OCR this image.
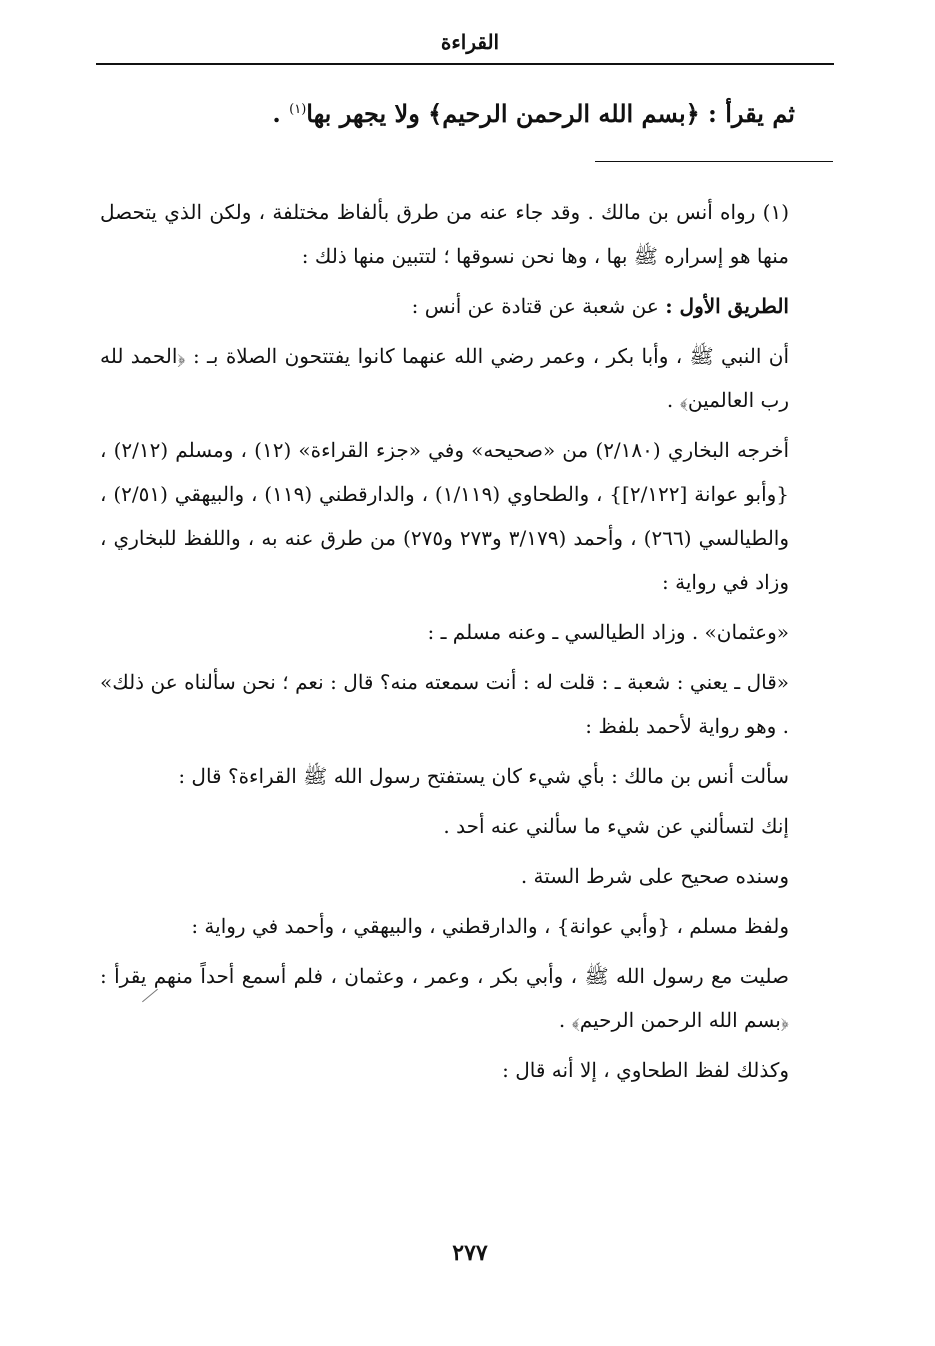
القراءة
ثم يقرأ : ﴿بسم الله الرحمن الرحيم﴾ ولا يجهر بها$^{(١)}$ .

(١) رواه أنس بن مالك . وقد جاء عنه من طرق بألفاظ مختلفة ، ولكن الذي يتحصل منها هو إسراره ﷺ بها ، وها نحن نسوقها ؛ لتتبين منها ذلك :

الطريق الأول : عن شعبة عن قتادة عن أنس :

أن النبي ﷺ ، وأبا بكر ، وعمر رضي الله عنهما كانوا يفتتحون الصلاة بـ : ﴿الحمد لله رب العالمين﴾ .

أخرجه البخاري (٢/١٨٠) من «صحيحه» وفي «جزء القراءة» (١٢) ، ومسلم (٢/١٢) ، {وأبو عوانة [٢/١٢٢]} ، والطحاوي (١/١١٩) ، والدارقطني (١١٩) ، والبيهقي (٢/٥١) ، والطيالسي (٢٦٦) ، وأحمد (٣/١٧٩ و٢٧٣ و٢٧٥) من طرق عنه به ، واللفظ للبخاري ، وزاد في رواية :

«وعثمان» . وزاد الطيالسي ـ وعنه مسلم ـ :

«قال ـ يعني : شعبة ـ : قلت له : أنت سمعته منه؟ قال : نعم ؛ نحن سألناه عن ذلك» . وهو رواية لأحمد بلفظ :

سألت أنس بن مالك : بأي شيء كان يستفتح رسول الله ﷺ القراءة؟ قال :

إنك لتسألني عن شيء ما سألني عنه أحد .

وسنده صحيح على شرط الستة .

ولفظ مسلم ، {وأبي عوانة} ، والدارقطني ، والبيهقي ، وأحمد في رواية :

صليت مع رسول الله ﷺ ، وأبي بكر ، وعمر ، وعثمان ، فلم أسمع أحداً منهم يقرأ : ﴿بسم الله الرحمن الرحيم﴾ .

وكذلك لفظ الطحاوي ، إلا أنه قال :

٢٧٧
